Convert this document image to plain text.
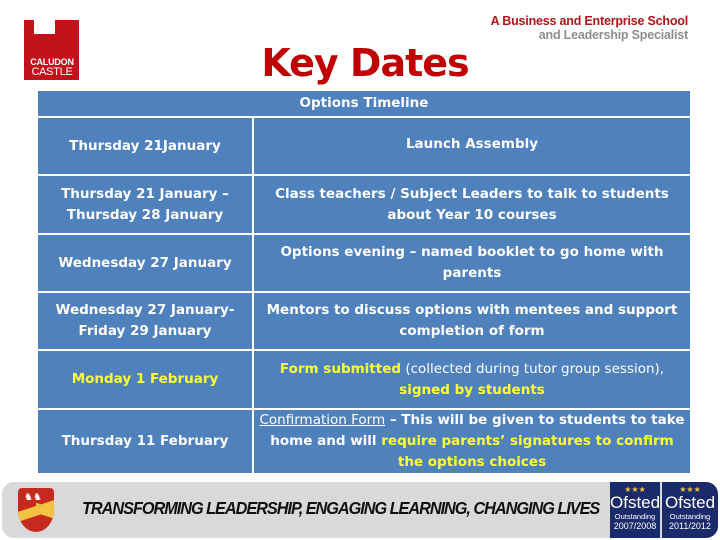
CALUDON
CASTLE
A Business and Enterprise School
and Leadership Specialist
Key Dates
Options Timeline
Thursday 21January	Launch Assembly
Thursday 21 January – Thursday 28 January
Class teachers / Subject Leaders to talk to students about Year 10 courses
Wednesday 27 January
Options evening – named booklet to go home with parents
Wednesday 27 January- Friday 29 January
Mentors to discuss options with mentees and support completion of form
Monday 1 February
Form submitted (collected during tutor group session), signed by students
Thursday 11 February
Confirmation Form – This will be given to students to take home and will require parents’ signatures to confirm the options choices
♞♞
TRANSFORMING LEADERSHIP, ENGAGING LEARNING, CHANGING LIVES
★★★
Ofsted
Outstanding
2007/2008
★★★
Ofsted
Outstanding
2011/2012
